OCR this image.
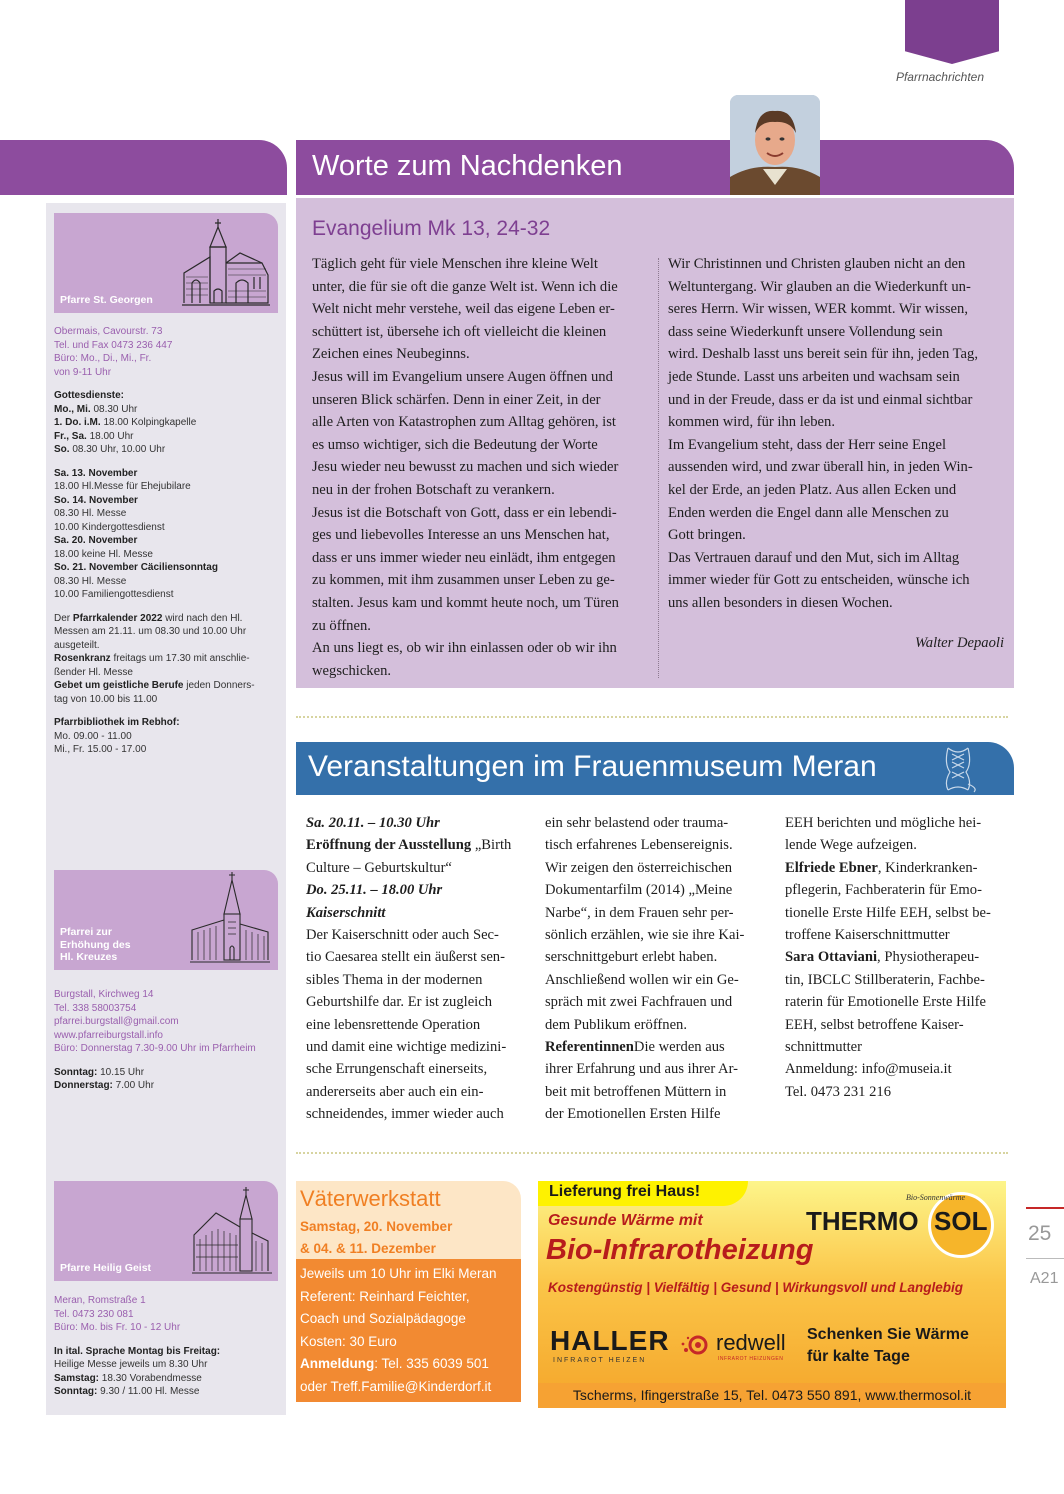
Pfarrnachrichten
Worte zum Nachdenken
Pfarre St. Georgen
Obermais, Cavourstr. 73
Tel. und Fax 0473 236 447
Büro: Mo., Di., Mi., Fr.
von 9-11 Uhr
Gottesdienste:
Mo., Mi. 08.30 Uhr
1. Do. i.M. 18.00 Kolpingkapelle
Fr., Sa. 18.00 Uhr
So. 08.30 Uhr, 10.00 Uhr
Sa. 13. November
18.00 Hl.Messe für Ehejubilare
So. 14. November
08.30 Hl. Messe
10.00 Kindergottesdienst
Sa. 20. November
18.00 keine Hl. Messe
So. 21. November Cäciliensonntag
08.30 Hl. Messe
10.00 Familiengottesdienst
Der Pfarrkalender 2022 wird nach den Hl.
Messen am 21.11. um 08.30 und 10.00 Uhr
ausgeteilt.
Rosenkranz freitags um 17.30 mit anschlie-
ßender Hl. Messe
Gebet um geistliche Berufe jeden Donners-
tag von 10.00 bis 11.00
Pfarrbibliothek im Rebhof:
Mo. 09.00 - 11.00
Mi., Fr. 15.00 - 17.00
Pfarrei zur
Erhöhung des
Hl. Kreuzes
Burgstall, Kirchweg 14
Tel. 338 58003754
pfarrei.burgstall@gmail.com
www.pfarreiburgstall.info
Büro: Donnerstag 7.30-9.00 Uhr im Pfarrheim
Sonntag: 10.15 Uhr
Donnerstag: 7.00 Uhr
Pfarre Heilig Geist
Meran, Romstraße 1
Tel. 0473 230 081
Büro: Mo. bis Fr. 10 - 12 Uhr
In ital. Sprache Montag bis Freitag:
Heilige Messe jeweils um 8.30 Uhr
Samstag: 18.30 Vorabendmesse
Sonntag: 9.30 / 11.00 Hl. Messe
Evangelium Mk 13, 24-32
Täglich geht für viele Menschen ihre kleine Welt
unter, die für sie oft die ganze Welt ist. Wenn ich die
Welt nicht mehr verstehe, weil das eigene Leben er-
schüttert ist, übersehe ich oft vielleicht die kleinen
Zeichen eines Neubeginns.
Jesus will im Evangelium unsere Augen öffnen und
unseren Blick schärfen. Denn in einer Zeit, in der
alle Arten von Katastrophen zum Alltag gehören, ist
es umso wichtiger, sich die Bedeutung der Worte
Jesu wieder neu bewusst zu machen und sich wieder
neu in der frohen Botschaft zu verankern.
Jesus ist die Botschaft von Gott, dass er ein lebendi-
ges und liebevolles Interesse an uns Menschen hat,
dass er uns immer wieder neu einlädt, ihm entgegen
zu kommen, mit ihm zusammen unser Leben zu ge-
stalten. Jesus kam und kommt heute noch, um Türen
zu öffnen.
An uns liegt es, ob wir ihn einlassen oder ob wir ihn
wegschicken.
Wir Christinnen und Christen glauben nicht an den
Weltuntergang. Wir glauben an die Wiederkunft un-
seres Herrn. Wir wissen, WER kommt. Wir wissen,
dass seine Wiederkunft unsere Vollendung sein
wird. Deshalb lasst uns bereit sein für ihn, jeden Tag,
jede Stunde. Lasst uns arbeiten und wachsam sein
und in der Freude, dass er da ist und einmal sichtbar
kommen wird, für ihn leben.
Im Evangelium steht, dass der Herr seine Engel
aussenden wird, und zwar überall hin, in jeden Win-
kel der Erde, an jeden Platz. Aus allen Ecken und
Enden werden die Engel dann alle Menschen zu
Gott bringen.
Das Vertrauen darauf und den Mut, sich im Alltag
immer wieder für Gott zu entscheiden, wünsche ich
uns allen besonders in diesen Wochen.
Walter Depaoli
Veranstaltungen im Frauenmuseum Meran
Sa. 20.11. – 10.30 Uhr
Eröffnung der Ausstellung „Birth
Culture – Geburtskultur“
Do. 25.11. – 18.00 Uhr
Kaiserschnitt
Der Kaiserschnitt oder auch Sec-
tio Caesarea stellt ein äußerst sen-
sibles Thema in der modernen
Geburtshilfe dar. Er ist zugleich
eine lebensrettende Operation
und damit eine wichtige medizini-
sche Errungenschaft einerseits,
andererseits aber auch ein ein-
schneidendes, immer wieder auch
ein sehr belastend oder trauma-
tisch erfahrenes Lebensereignis.
Wir zeigen den österreichischen
Dokumentarfilm (2014) „Meine
Narbe“, in dem Frauen sehr per-
sönlich erzählen, wie sie ihre Kai-
serschnittgeburt erlebt haben.
Anschließend wollen wir ein Ge-
spräch mit zwei Fachfrauen und
dem Publikum eröffnen.
ReferentinnenDie werden aus
ihrer Erfahrung und aus ihrer Ar-
beit mit betroffenen Müttern in
der Emotionellen Ersten Hilfe
EEH berichten und mögliche hei-
lende Wege aufzeigen.
Elfriede Ebner, Kinderkranken-
pflegerin, Fachberaterin für Emo-
tionelle Erste Hilfe EEH, selbst be-
troffene Kaiserschnittmutter
Sara Ottaviani, Physiotherapeu-
tin, IBCLC Stillberaterin, Fachbe-
raterin für Emotionelle Erste Hilfe
EEH, selbst betroffene Kaiser-
schnittmutter
Anmeldung: info@museia.it
Tel. 0473 231 216
Väterwerkstatt
Samstag, 20. November
& 04. & 11. Dezember
Jeweils um 10 Uhr im Elki Meran
Referent: Reinhard Feichter,
Coach und Sozialpädagoge
Kosten: 30 Euro
Anmeldung: Tel. 335 6039 501
oder Treff.Familie@Kinderdorf.it
Lieferung frei Haus!
Gesunde Wärme mit
Bio-Infrarotheizung
Kostengünstig | Vielfältig | Gesund | Wirkungsvoll und Langlebig
THERMO SOL
Bio-Sonnenwärme
HALLER
INFRAROT HEIZEN
redwell
INFRAROT HEIZUNGEN
Schenken Sie Wärme
für kalte Tage
Tscherms, Ifingerstraße 15, Tel. 0473 550 891, www.thermosol.it
25
A21
